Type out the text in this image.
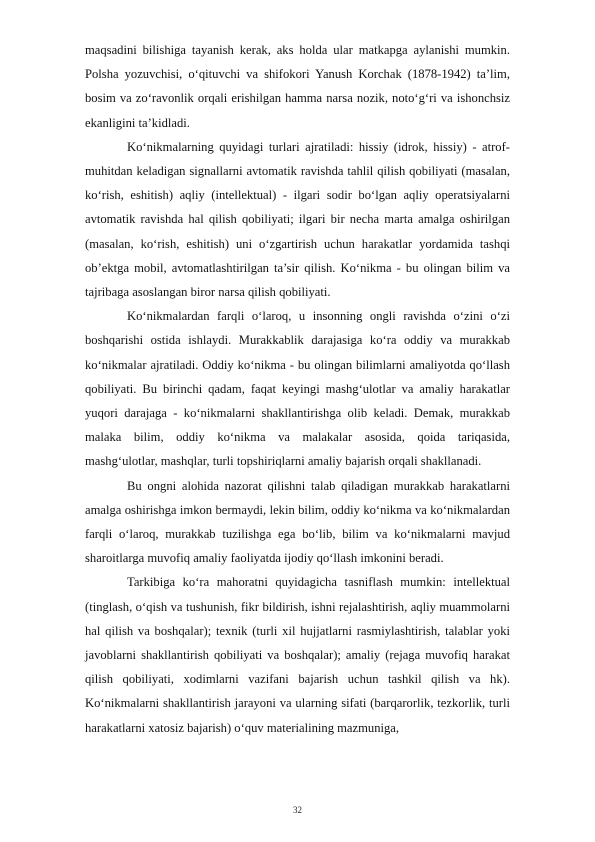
maqsadini bilishiga tayanish kerak, aks holda ular matkapga aylanishi mumkin. Polsha yozuvchisi, o‘qituvchi va shifokori Yanush Korchak (1878-1942) ta’lim, bosim va zo‘ravonlik orqali erishilgan hamma narsa nozik, noto‘g‘ri va ishonchsiz ekanligini ta’kidladi.

Ko‘nikmalarning quyidagi turlari ajratiladi: hissiy (idrok, hissiy) - atrof-muhitdan keladigan signallarni avtomatik ravishda tahlil qilish qobiliyati (masalan, ko‘rish, eshitish) aqliy (intellektual) - ilgari sodir bo‘lgan aqliy operatsiyalarni avtomatik ravishda hal qilish qobiliyati; ilgari bir necha marta amalga oshirilgan (masalan, ko‘rish, eshitish) uni o‘zgartirish uchun harakatlar yordamida tashqi ob’ektga mobil, avtomatlashtirilgan ta’sir qilish. Ko‘nikma - bu olingan bilim va tajribaga asoslangan biror narsa qilish qobiliyati.

Ko‘nikmalardan farqli o‘laroq, u insonning ongli ravishda o‘zini o‘zi boshqarishi ostida ishlaydi. Murakkablik darajasiga ko‘ra oddiy va murakkab ko‘nikmalar ajratiladi. Oddiy ko‘nikma - bu olingan bilimlarni amaliyotda qo‘llash qobiliyati. Bu birinchi qadam, faqat keyingi mashg‘ulotlar va amaliy harakatlar yuqori darajaga - ko‘nikmalarni shakllantirishga olib keladi. Demak, murakkab malaka bilim, oddiy ko‘nikma va malakalar asosida, qoida tariqasida, mashg‘ulotlar, mashqlar, turli topshiriqlarni amaliy bajarish orqali shakllanadi.

Bu ongni alohida nazorat qilishni talab qiladigan murakkab harakatlarni amalga oshirishga imkon bermaydi, lekin bilim, oddiy ko‘nikma va ko‘nikmalardan farqli o‘laroq, murakkab tuzilishga ega bo‘lib, bilim va ko‘nikmalarni mavjud sharoitlarga muvofiq amaliy faoliyatda ijodiy qo‘llash imkonini beradi.

Tarkibiga ko‘ra mahoratni quyidagicha tasniflash mumkin: intellektual (tinglash, o‘qish va tushunish, fikr bildirish, ishni rejalashtirish, aqliy muammolarni hal qilish va boshqalar); texnik (turli xil hujjatlarni rasmiylashtirish, talablar yoki javoblarni shakllantirish qobiliyati va boshqalar); amaliy (rejaga muvofiq harakat qilish qobiliyati, xodimlarni vazifani bajarish uchun tashkil qilish va hk). Ko‘nikmalarni shakllantirish jarayoni va ularning sifati (barqarorlik, tezkorlik, turli harakatlarni xatosiz bajarish) o‘quv materialining mazmuniga,

32
